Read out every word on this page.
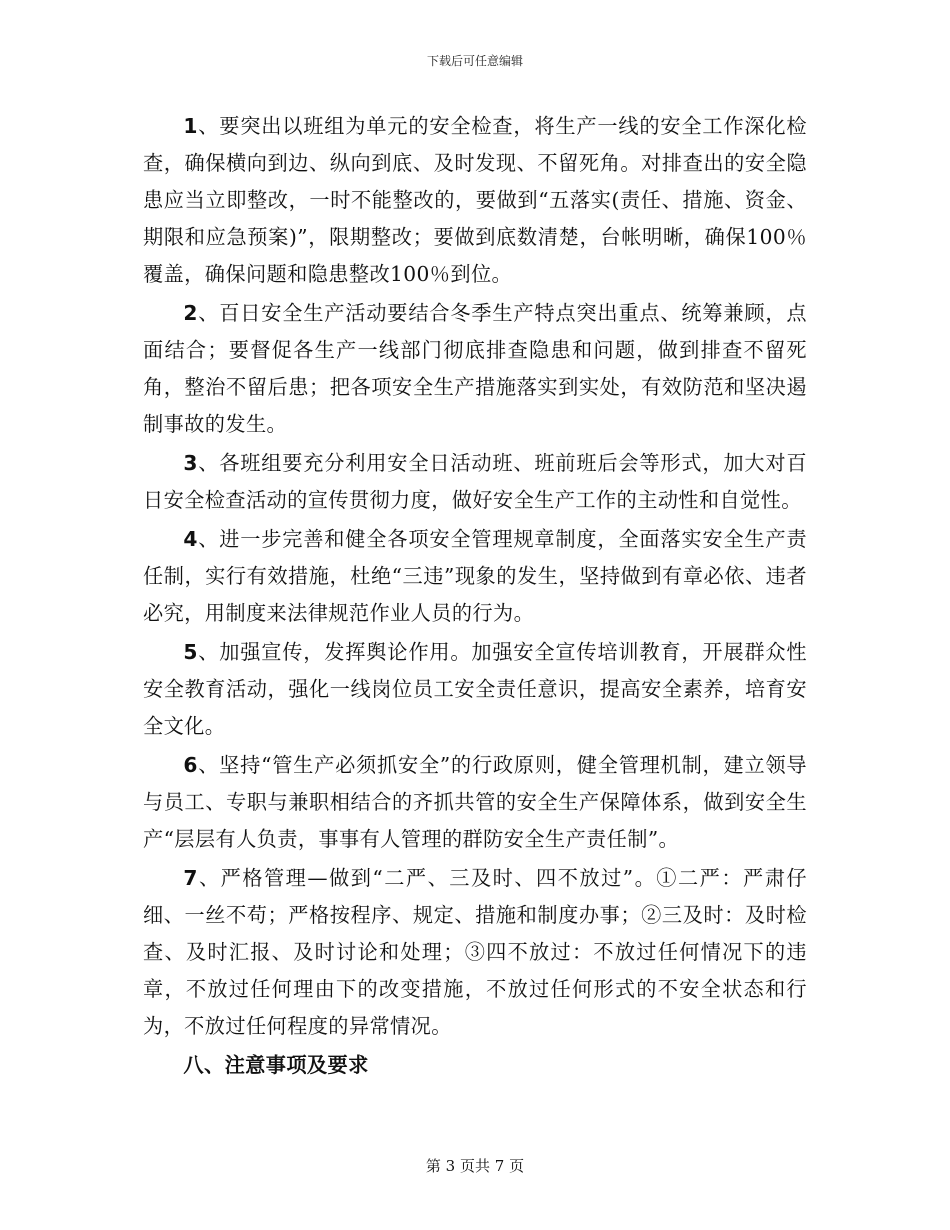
下载后可任意编辑

1、要突出以班组为单元的安全检查，将生产一线的安全工作深化检查，确保横向到边、纵向到底、及时发现、不留死角。对排查出的安全隐患应当立即整改，一时不能整改的，要做到“五落实(责任、措施、资金、期限和应急预案)”，限期整改；要做到底数清楚，台帐明晰，确保100％覆盖，确保问题和隐患整改100％到位。

2、百日安全生产活动要结合冬季生产特点突出重点、统筹兼顾，点面结合；要督促各生产一线部门彻底排查隐患和问题，做到排查不留死角，整治不留后患；把各项安全生产措施落实到实处，有效防范和坚决遏制事故的发生。

3、各班组要充分利用安全日活动班、班前班后会等形式，加大对百日安全检查活动的宣传贯彻力度，做好安全生产工作的主动性和自觉性。

4、进一步完善和健全各项安全管理规章制度，全面落实安全生产责任制，实行有效措施，杜绝“三违”现象的发生，坚持做到有章必依、违者必究，用制度来法律规范作业人员的行为。

5、加强宣传，发挥舆论作用。加强安全宣传培训教育，开展群众性安全教育活动，强化一线岗位员工安全责任意识，提高安全素养，培育安全文化。

6、坚持“管生产必须抓安全”的行政原则，健全管理机制，建立领导与员工、专职与兼职相结合的齐抓共管的安全生产保障体系，做到安全生产“层层有人负责，事事有人管理的群防安全生产责任制”。

7、严格管理—做到“二严、三及时、四不放过”。①二严：严肃仔细、一丝不苟；严格按程序、规定、措施和制度办事；②三及时：及时检查、及时汇报、及时讨论和处理；③四不放过：不放过任何情况下的违章，不放过任何理由下的改变措施，不放过任何形式的不安全状态和行为，不放过任何程度的异常情况。

八、注意事项及要求

第 3 页共 7 页
